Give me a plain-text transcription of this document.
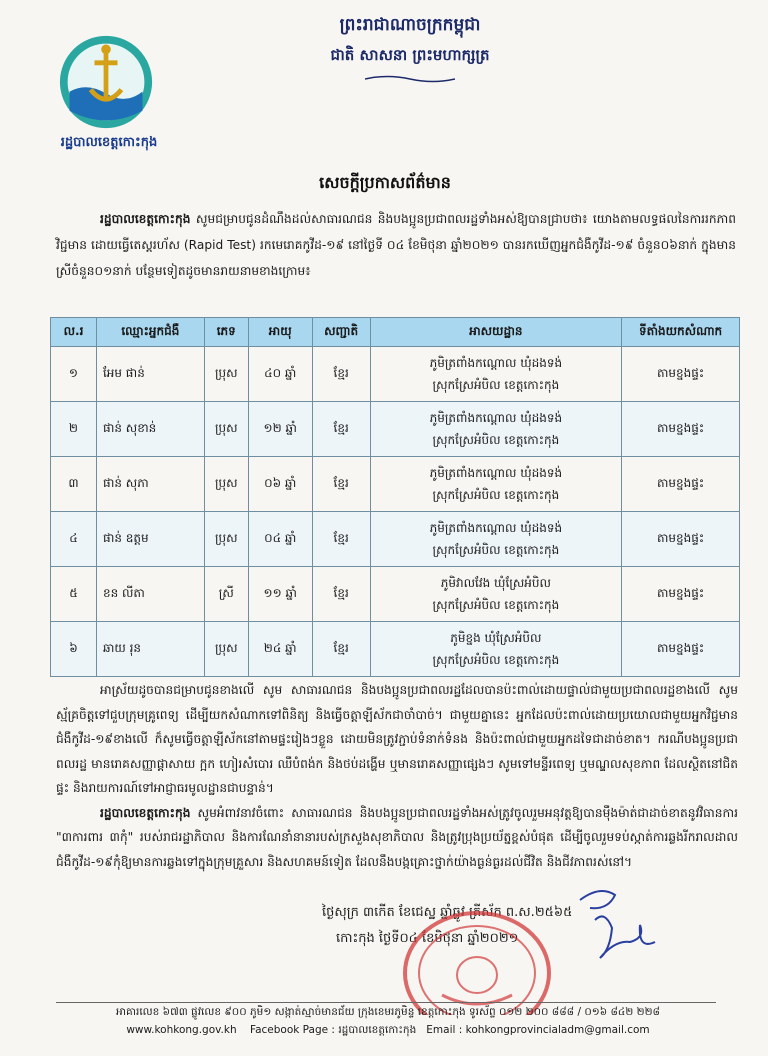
រដ្ឋបាលខេត្តកោះកុង
ព្រះរាជាណាចក្រកម្ពុជា
ជាតិ សាសនា ព្រះមហាក្សត្រ
សេចក្តីប្រកាសព័ត៌មាន
រដ្ឋបាលខេត្តកោះកុង សូមជម្រាបជូនដំណឹងដល់សាធារណជន និងបងប្អូនប្រជាពលរដ្ឋទាំងអស់ឱ្យបានជ្រាបថា៖ យោងតាមលទ្ធផលនៃការរកភាពវិជ្ជមាន ដោយធ្វើតេស្តរហ័ស (Rapid Test) រកមេរោគកូវីដ-១៩ នៅថ្ងៃទី ០៤ ខែមិថុនា ឆ្នាំ២០២១ បានរកឃើញអ្នកជំងឺកូវីដ-១៩ ចំនួន០៦នាក់ ក្នុងមានស្រីចំនួន០១នាក់ បន្ថែមទៀតដូចមានរាយនាមខាងក្រោម៖
ល.រ	ឈ្មោះអ្នកជំងឺ	ភេទ	អាយុ	សញ្ជាតិ	អាសយដ្ឋាន	ទីតាំងយកសំណាក
១	អែម ផាន់	ប្រុស	៤០ ឆ្នាំ	ខ្មែរ	ភូមិត្រពាំងកណ្តោល ឃុំដងទង់
ស្រុកស្រែអំបិល ខេត្តកោះកុង	តាមខ្នងផ្ទះ
២	ផាន់ សុខាន់	ប្រុស	១២ ឆ្នាំ	ខ្មែរ	ភូមិត្រពាំងកណ្តោល ឃុំដងទង់
ស្រុកស្រែអំបិល ខេត្តកោះកុង	តាមខ្នងផ្ទះ
៣	ផាន់ សុភា	ប្រុស	០៦ ឆ្នាំ	ខ្មែរ	ភូមិត្រពាំងកណ្តោល ឃុំដងទង់
ស្រុកស្រែអំបិល ខេត្តកោះកុង	តាមខ្នងផ្ទះ
៤	ផាន់ ឧត្តម	ប្រុស	០៤ ឆ្នាំ	ខ្មែរ	ភូមិត្រពាំងកណ្តោល ឃុំដងទង់
ស្រុកស្រែអំបិល ខេត្តកោះកុង	តាមខ្នងផ្ទះ
៥	ខន លីតា	ស្រី	១១ ឆ្នាំ	ខ្មែរ	ភូមិវាលវែង ឃុំស្រែអំបិល
ស្រុកស្រែអំបិល ខេត្តកោះកុង	តាមខ្នងផ្ទះ
៦	ឆាយ រុន	ប្រុស	២៤ ឆ្នាំ	ខ្មែរ	ភូមិខ្នង ឃុំស្រែអំបិល
ស្រុកស្រែអំបិល ខេត្តកោះកុង	តាមខ្នងផ្ទះ
អាស្រ័យដូចបានជម្រាបជូនខាងលើ សូម សាធារណជន និងបងប្អូនប្រជាពលរដ្ឋដែលបានប៉ះពាល់ដោយផ្ទាល់ជាមួយប្រជាពលរដ្ឋខាងលើ សូមស្ម័គ្រចិត្តទៅជួបក្រុមគ្រូពេទ្យ ដើម្បីយកសំណាកទៅពិនិត្យ និងធ្វើចត្តាឡីស័កជាចាំបាច់។ ជាមួយគ្នានេះ អ្នកដែលប៉ះពាល់ដោយប្រយោលជាមួយអ្នកវិជ្ជមានជំងឺកូវីដ-១៩ខាងលើ ក៏សូមធ្វើចត្តាឡីស័កនៅតាមផ្ទះរៀងៗខ្លួន ដោយមិនត្រូវភ្ជាប់ទំនាក់ទំនង និងប៉ះពាល់ជាមួយអ្នកដទៃជាដាច់ខាត។ ករណីបងប្អូនប្រជាពលរដ្ឋ មានរោគសញ្ញាផ្តាសាយ ក្អក ហៀរសំបោរ ឈឺបំពង់ក និងថប់ដង្ហើម ឬមានរោគសញ្ញាផ្សេងៗ សូមទៅមន្ទីរពេទ្យ ឬមណ្ឌលសុខភាព ដែលស្ថិតនៅជិតផ្ទះ និងរាយការណ៍ទៅអាជ្ញាធរមូលដ្ឋានជាបន្ទាន់។
រដ្ឋបាលខេត្តកោះកុង សូមអំពាវនាវចំពោះ សាធារណជន និងបងប្អូនប្រជាពលរដ្ឋទាំងអស់ត្រូវចូលរួមអនុវត្តឱ្យបានម៉ឺងម៉ាត់ជាដាច់ខាតនូវវិធានការ "៣ការពារ ៣កុំ" របស់រាជរដ្ឋាភិបាល និងការណែនាំនានារបស់ក្រសួងសុខាភិបាល និងត្រូវប្រុងប្រយ័ត្នខ្ពស់បំផុត ដើម្បីចូលរួមទប់ស្កាត់ការឆ្លងរីករាលដាលជំងឺកូវីដ-១៩កុំឱ្យមានការឆ្លងទៅក្នុងក្រុមគ្រួសារ និងសហគមន៍ទៀត ដែលនឹងបង្កគ្រោះថ្នាក់យ៉ាងធ្ងន់ធ្ងរដល់ជីវិត និងជីវភាពរស់នៅ។
ថ្ងៃសុក្រ ៣កើត ខែជេស្ឋ ឆ្នាំឆ្លូវ ត្រីស័ក ព.ស.២៥៦៥
កោះកុង ថ្ងៃទី០៤ ខែមិថុនា ឆ្នាំ២០២១
អាគារលេខ ៦៧៣ ផ្លូវលេខ ៩០០ ភូមិ១ សង្កាត់ស្មាច់មានជ័យ ក្រុងខេមរភូមិន្ទ ខេត្តកោះកុង ទូរស័ព្ទ ០១២ ២០០ ៨៨៨ / ០១៦ ៨៤២ ២២៨
www.kohkong.gov.kh Facebook Page : រដ្ឋបាលខេត្តកោះកុង Email : kohkongprovincialadm@gmail.com
